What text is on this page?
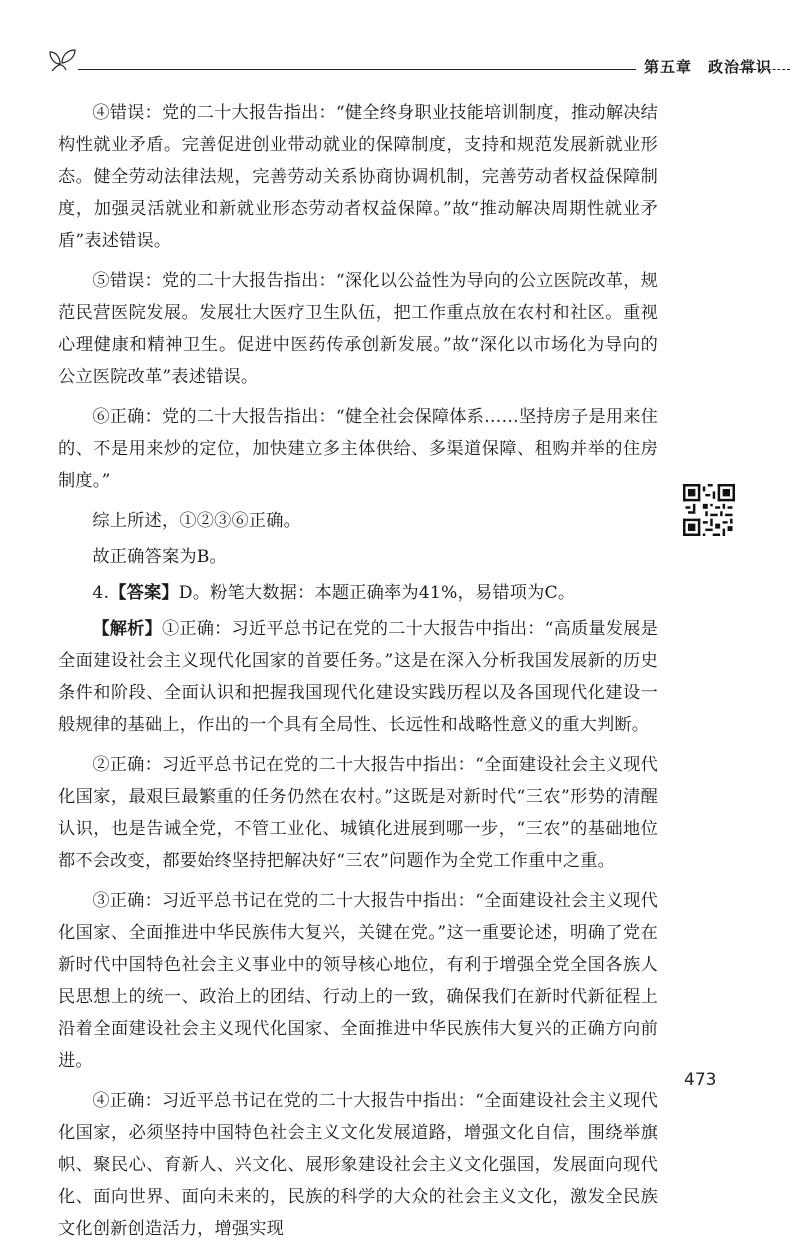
第五章　政治常识

④错误：党的二十大报告指出：“健全终身职业技能培训制度，推动解决结构性就业矛盾。完善促进创业带动就业的保障制度，支持和规范发展新就业形态。健全劳动法律法规，完善劳动关系协商协调机制，完善劳动者权益保障制度，加强灵活就业和新就业形态劳动者权益保障。”故“推动解决周期性就业矛盾”表述错误。

⑤错误：党的二十大报告指出：“深化以公益性为导向的公立医院改革，规范民营医院发展。发展壮大医疗卫生队伍，把工作重点放在农村和社区。重视心理健康和精神卫生。促进中医药传承创新发展。”故“深化以市场化为导向的公立医院改革”表述错误。

⑥正确：党的二十大报告指出：“健全社会保障体系……坚持房子是用来住的、不是用来炒的定位，加快建立多主体供给、多渠道保障、租购并举的住房制度。”

综上所述，①②③⑥正确。

故正确答案为B。

4.【答案】D。粉笔大数据：本题正确率为41%，易错项为C。

【解析】①正确：习近平总书记在党的二十大报告中指出：“高质量发展是全面建设社会主义现代化国家的首要任务。”这是在深入分析我国发展新的历史条件和阶段、全面认识和把握我国现代化建设实践历程以及各国现代化建设一般规律的基础上，作出的一个具有全局性、长远性和战略性意义的重大判断。

②正确：习近平总书记在党的二十大报告中指出：“全面建设社会主义现代化国家，最艰巨最繁重的任务仍然在农村。”这既是对新时代“三农”形势的清醒认识，也是告诫全党，不管工业化、城镇化进展到哪一步，“三农”的基础地位都不会改变，都要始终坚持把解决好“三农”问题作为全党工作重中之重。

③正确：习近平总书记在党的二十大报告中指出：“全面建设社会主义现代化国家、全面推进中华民族伟大复兴，关键在党。”这一重要论述，明确了党在新时代中国特色社会主义事业中的领导核心地位，有利于增强全党全国各族人民思想上的统一、政治上的团结、行动上的一致，确保我们在新时代新征程上沿着全面建设社会主义现代化国家、全面推进中华民族伟大复兴的正确方向前进。

④正确：习近平总书记在党的二十大报告中指出：“全面建设社会主义现代化国家，必须坚持中国特色社会主义文化发展道路，增强文化自信，围绕举旗帜、聚民心、育新人、兴文化、展形象建设社会主义文化强国，发展面向现代化、面向世界、面向未来的，民族的科学的大众的社会主义文化，激发全民族文化创新创造活力，增强实现

473
